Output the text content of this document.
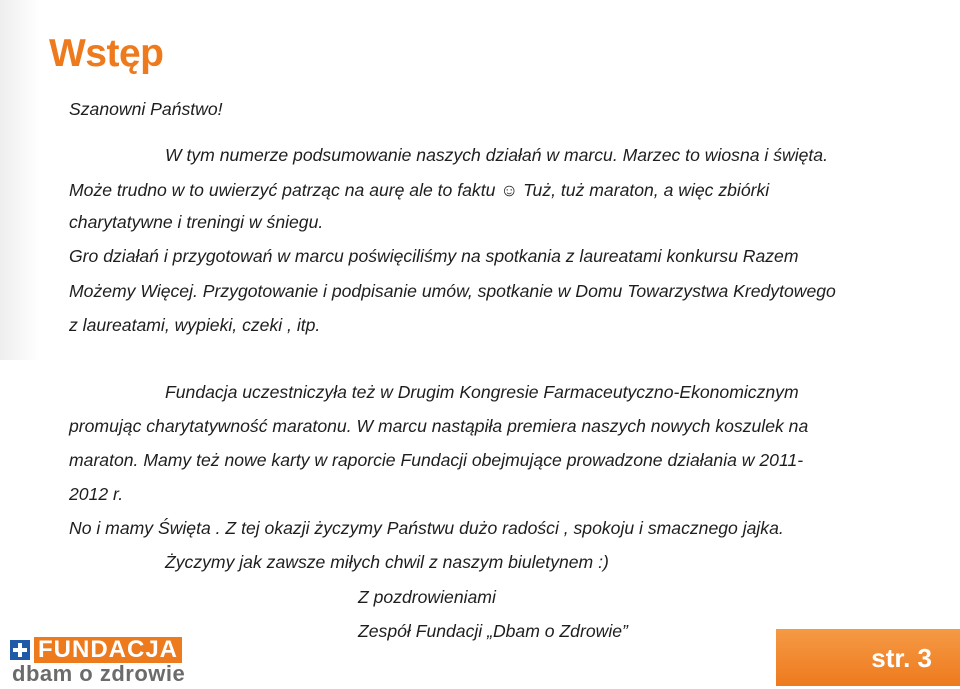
Wstęp
Szanowni Państwo!
W tym numerze podsumowanie naszych działań w marcu. Marzec to wiosna i święta.
Może trudno w to uwierzyć patrząc na aurę ale to faktu ☺ Tuż, tuż maraton, a więc zbiórki
charytatywne i treningi w śniegu.
Gro działań i przygotowań w marcu poświęciliśmy na spotkania z laureatami konkursu Razem
Możemy Więcej. Przygotowanie i podpisanie umów, spotkanie w Domu Towarzystwa Kredytowego
z laureatami, wypieki, czeki , itp.
Fundacja uczestniczyła też w Drugim Kongresie Farmaceutyczno-Ekonomicznym
promując charytatywność maratonu. W marcu nastąpiła premiera naszych nowych koszulek na
maraton. Mamy też nowe karty w raporcie Fundacji obejmujące prowadzone działania w 2011-
2012 r.
No i mamy Święta . Z tej okazji życzymy Państwu dużo radości , spokoju i smacznego jajka.
Życzymy jak zawsze miłych chwil z naszym biuletynem :)
Z pozdrowieniami
Zespół Fundacji „Dbam o Zdrowie”
FUNDACJA
dbam o zdrowie
str. 3
